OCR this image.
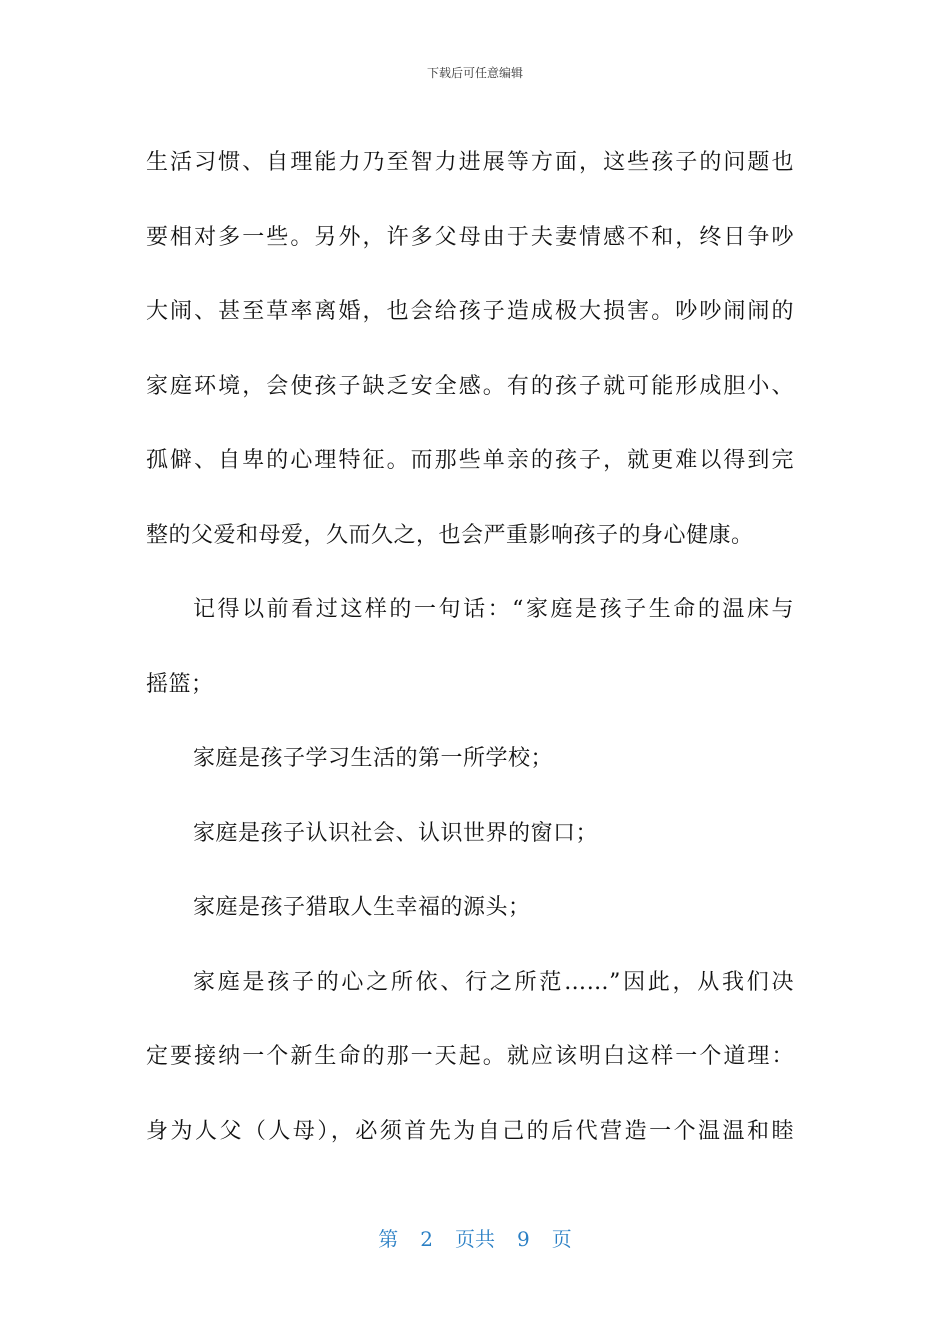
下载后可任意编辑
生活习惯、自理能力乃至智力进展等方面，这些孩子的问题也
要相对多一些。另外，许多父母由于夫妻情感不和，终日争吵
大闹、甚至草率离婚，也会给孩子造成极大损害。吵吵闹闹的
家庭环境，会使孩子缺乏安全感。有的孩子就可能形成胆小、
孤僻、自卑的心理特征。而那些单亲的孩子，就更难以得到完
整的父爱和母爱，久而久之，也会严重影响孩子的身心健康。
记得以前看过这样的一句话：“家庭是孩子生命的温床与
摇篮；
家庭是孩子学习生活的第一所学校；
家庭是孩子认识社会、认识世界的窗口；
家庭是孩子猎取人生幸福的源头；
家庭是孩子的心之所依、行之所范……”因此，从我们决
定要接纳一个新生命的那一天起。就应该明白这样一个道理：
身为人父（人母），必须首先为自己的后代营造一个温温和睦
第 2 页共 9 页
